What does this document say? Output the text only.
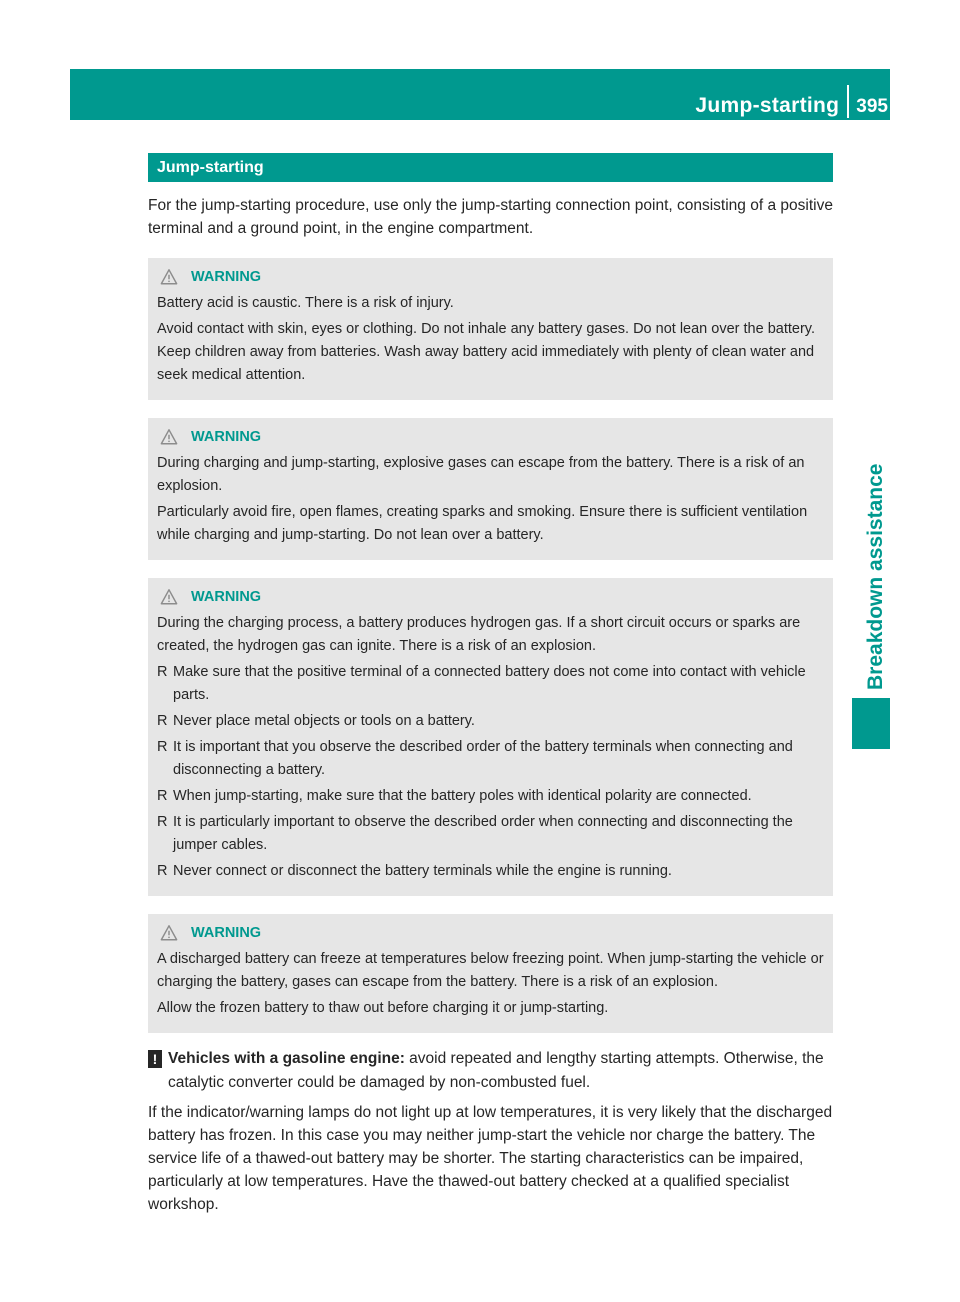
Jump-starting 395
Breakdown assistance
Jump-starting

For the jump-starting procedure, use only the jump-starting connection point, consisting of a positive terminal and a ground point, in the engine compartment.

WARNING

Battery acid is caustic. There is a risk of injury.

Avoid contact with skin, eyes or clothing. Do not inhale any battery gases. Do not lean over the battery. Keep children away from batteries. Wash away battery acid immediately with plenty of clean water and seek medical attention.

WARNING

During charging and jump-starting, explosive gases can escape from the battery. There is a risk of an explosion.

Particularly avoid fire, open flames, creating sparks and smoking. Ensure there is sufficient ventilation while charging and jump-starting. Do not lean over a battery.

WARNING

During the charging process, a battery produces hydrogen gas. If a short circuit occurs or sparks are created, the hydrogen gas can ignite. There is a risk of an explosion.

R Make sure that the positive terminal of a connected battery does not come into contact with vehicle parts.
R Never place metal objects or tools on a battery.
R It is important that you observe the described order of the battery terminals when connecting and disconnecting a battery.
R When jump-starting, make sure that the battery poles with identical polarity are connected.
R It is particularly important to observe the described order when connecting and disconnecting the jumper cables.
R Never connect or disconnect the battery terminals while the engine is running.
WARNING

A discharged battery can freeze at temperatures below freezing point. When jump-starting the vehicle or charging the battery, gases can escape from the battery. There is a risk of an explosion.

Allow the frozen battery to thaw out before charging it or jump-starting.

! Vehicles with a gasoline engine: avoid repeated and lengthy starting attempts. Otherwise, the catalytic converter could be damaged by non-combusted fuel.

If the indicator/warning lamps do not light up at low temperatures, it is very likely that the discharged battery has frozen. In this case you may neither jump-start the vehicle nor charge the battery. The service life of a thawed-out battery may be shorter. The starting characteristics can be impaired, particularly at low temperatures. Have the thawed-out battery checked at a qualified specialist workshop.
